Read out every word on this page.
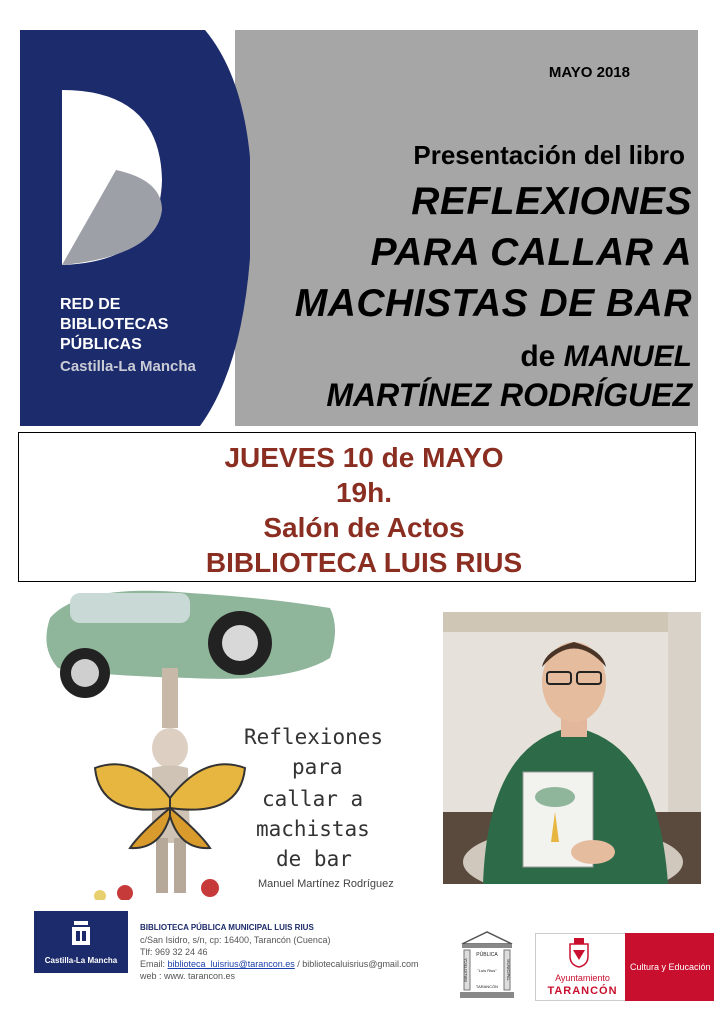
RED DE
BIBLIOTECAS
PÚBLICAS
Castilla-La Mancha
MAYO 2018
Presentación del libro
REFLEXIONES
PARA CALLAR A
MACHISTAS DE BAR
de MANUEL
MARTÍNEZ RODRÍGUEZ
JUEVES 10 de MAYO
19h.
Salón de Actos
BIBLIOTECA LUIS RIUS
Reflexiones
para
callar a
machistas
de bar
Manuel Martínez Rodríguez
Castilla-La Mancha
BIBLIOTECA PÚBLICA MUNICIPAL LUIS RIUS
c/San Isidro, s/n, cp: 16400, Tarancón (Cuenca)
Tlf: 969 32 24 46
Email: biblioteca_luisrius@tarancon.es / bibliotecaluisrius@gmail.com
web : www. tarancon.es
PÚBLICA
BIBLIOTECA	MUNICIPAL
"Luis Rius"
TARANCÓN
Ayuntamiento
TARANCÓN
Cultura y Educación
